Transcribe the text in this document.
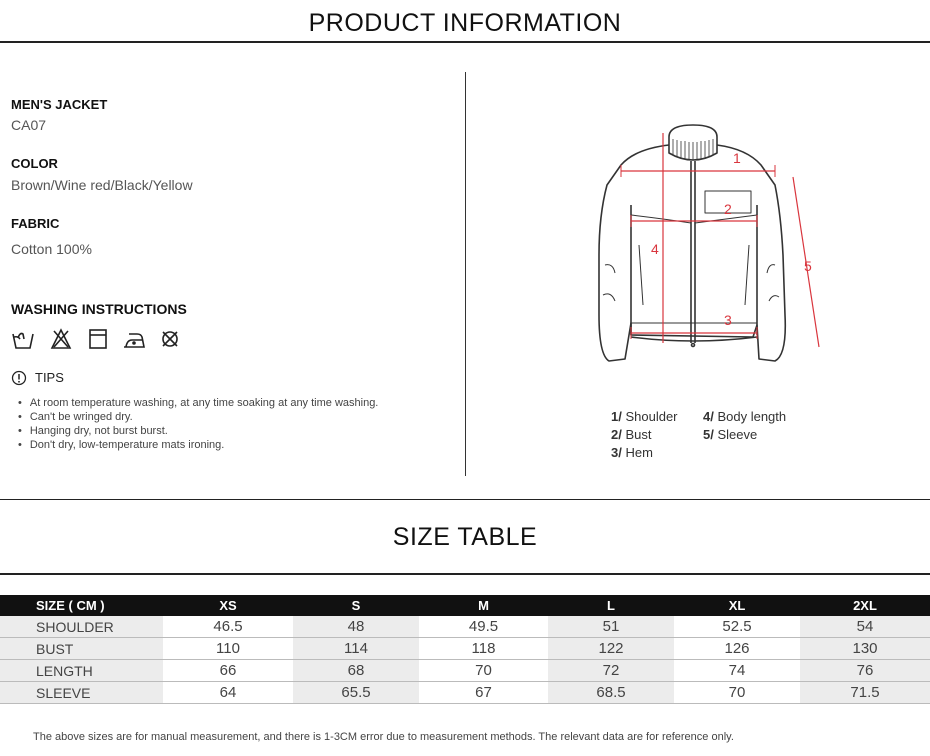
PRODUCT INFORMATION
MEN'S JACKET
CA07
COLOR
Brown/Wine red/Black/Yellow
FABRIC
Cotton 100%
WASHING INSTRUCTIONS
TIPS
• At room temperature washing, at any time soaking at any time washing.
• Can't be wringed dry.
• Hanging dry, not burst burst.
• Don't dry, low-temperature mats ironing.
1
2
3
4
5
1/ Shoulder
2/ Bust
3/ Hem
4/ Body length
5/ Sleeve
SIZE TABLE
SIZE ( CM )	XS	S	M	L	XL	2XL
SHOULDER	46.5	48	49.5	51	52.5	54
BUST	110	114	118	122	126	130
LENGTH	66	68	70	72	74	76
SLEEVE	64	65.5	67	68.5	70	71.5
The above sizes are for manual measurement, and there is 1-3CM error due to measurement methods. The relevant data are for reference only.
